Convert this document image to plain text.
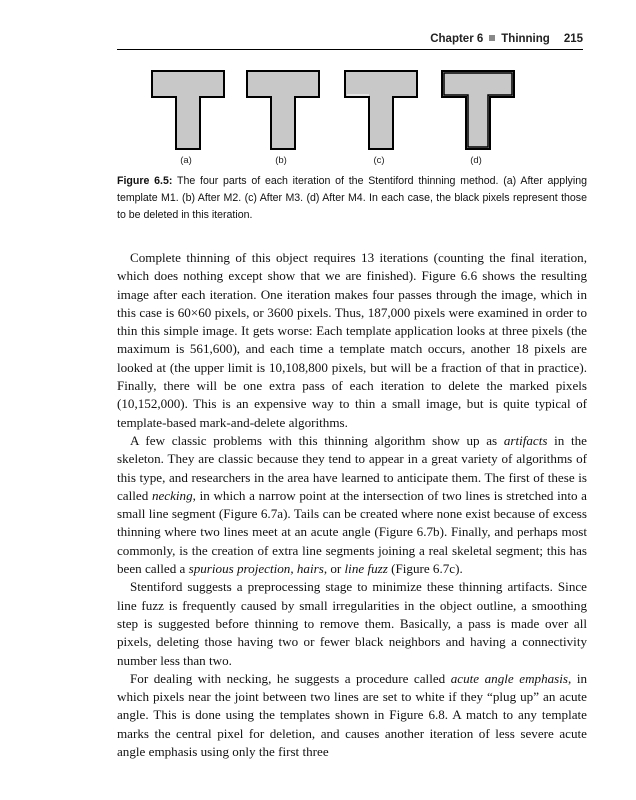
Chapter 6 Thinning 215
(a)	(b)	(c)	(d)
Figure 6.5: The four parts of each iteration of the Stentiford thinning method. (a) After applying template M1. (b) After M2. (c) After M3. (d) After M4. In each case, the black pixels represent those to be deleted in this iteration.

Complete thinning of this object requires 13 iterations (counting the final iteration, which does nothing except show that we are finished). Figure 6.6 shows the resulting image after each iteration. One iteration makes four passes through the image, which in this case is 60×60 pixels, or 3600 pixels. Thus, 187,000 pixels were examined in order to thin this simple image. It gets worse: Each template application looks at three pixels (the maximum is 561,600), and each time a template match occurs, another 18 pixels are looked at (the upper limit is 10,108,800 pixels, but will be a fraction of that in practice). Finally, there will be one extra pass of each iteration to delete the marked pixels (10,152,000). This is an expensive way to thin a small image, but is quite typical of template-based mark-and-delete algorithms.

A few classic problems with this thinning algorithm show up as artifacts in the skeleton. They are classic because they tend to appear in a great variety of algorithms of this type, and researchers in the area have learned to anticipate them. The first of these is called necking, in which a narrow point at the intersection of two lines is stretched into a small line segment (Figure 6.7a). Tails can be created where none exist because of excess thinning where two lines meet at an acute angle (Figure 6.7b). Finally, and perhaps most commonly, is the creation of extra line segments joining a real skeletal segment; this has been called a spurious projection, hairs, or line fuzz (Figure 6.7c).

Stentiford suggests a preprocessing stage to minimize these thinning artifacts. Since line fuzz is frequently caused by small irregularities in the object outline, a smoothing step is suggested before thinning to remove them. Basically, a pass is made over all pixels, deleting those having two or fewer black neighbors and having a connectivity number less than two.

For dealing with necking, he suggests a procedure called acute angle emphasis, in which pixels near the joint between two lines are set to white if they “plug up” an acute angle. This is done using the templates shown in Figure 6.8. A match to any template marks the central pixel for deletion, and causes another iteration of less severe acute angle emphasis using only the first three
